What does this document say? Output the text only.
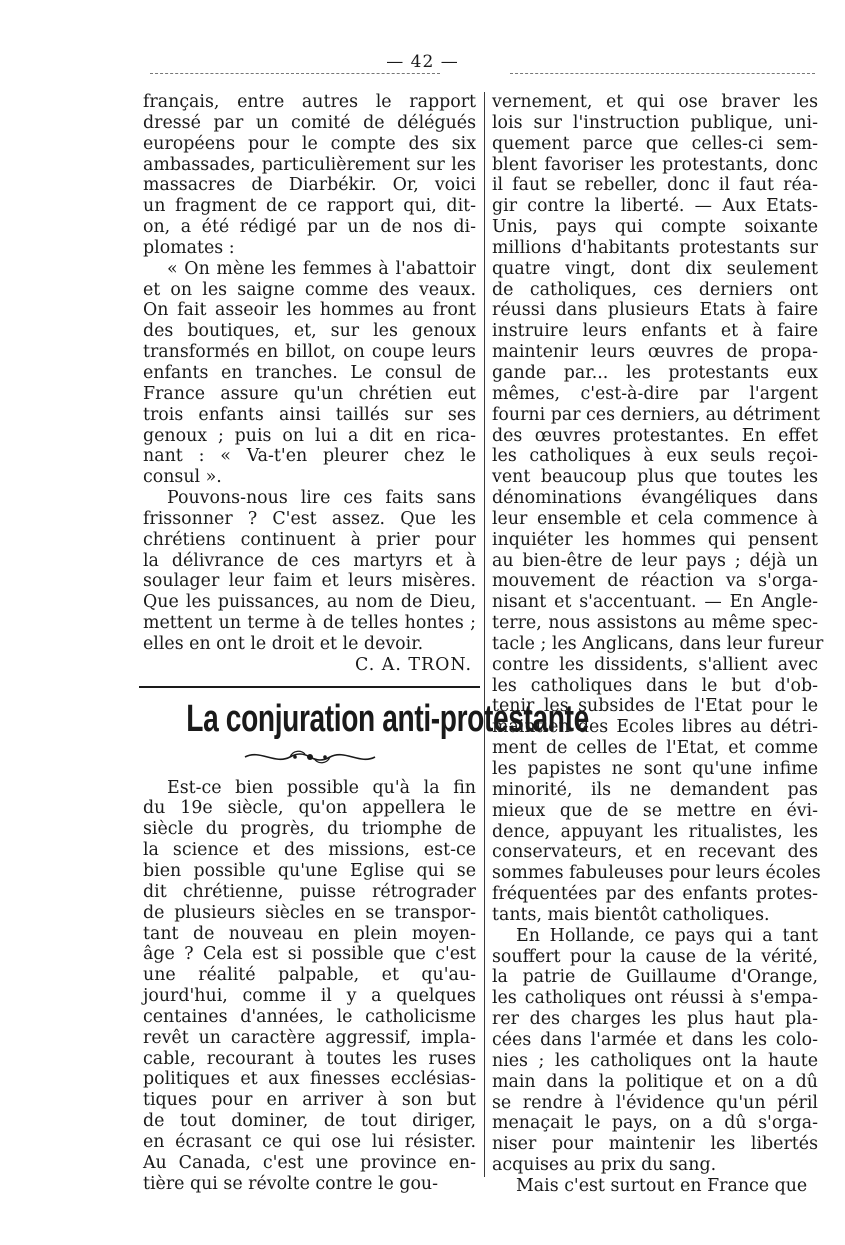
— 42 —
français, entre autres le rapport
dressé par un comité de délégués
européens pour le compte des six
ambassades, particulièrement sur les
massacres de Diarbékir. Or, voici
un fragment de ce rapport qui, dit-
on, a été rédigé par un de nos di-
plomates :
« On mène les femmes à l'abattoir
et on les saigne comme des veaux.
On fait asseoir les hommes au front
des boutiques, et, sur les genoux
transformés en billot, on coupe leurs
enfants en tranches. Le consul de
France assure qu'un chrétien eut
trois enfants ainsi taillés sur ses
genoux ; puis on lui a dit en rica-
nant : « Va-t'en pleurer chez le
consul ».
Pouvons-nous lire ces faits sans
frissonner ? C'est assez. Que les
chrétiens continuent à prier pour
la délivrance de ces martyrs et à
soulager leur faim et leurs misères.
Que les puissances, au nom de Dieu,
mettent un terme à de telles hontes ;
elles en ont le droit et le devoir.
C. A. TRON.
La conjuration anti-protestante
Est-ce bien possible qu'à la fin
du 19e siècle, qu'on appellera le
siècle du progrès, du triomphe de
la science et des missions, est-ce
bien possible qu'une Eglise qui se
dit chrétienne, puisse rétrograder
de plusieurs siècles en se transpor-
tant de nouveau en plein moyen-
âge ? Cela est si possible que c'est
une réalité palpable, et qu'au-
jourd'hui, comme il y a quelques
centaines d'années, le catholicisme
revêt un caractère aggressif, impla-
cable, recourant à toutes les ruses
politiques et aux finesses ecclésias-
tiques pour en arriver à son but
de tout dominer, de tout diriger,
en écrasant ce qui ose lui résister.
Au Canada, c'est une province en-
tière qui se révolte contre le gou-
vernement, et qui ose braver les
lois sur l'instruction publique, uni-
quement parce que celles-ci sem-
blent favoriser les protestants, donc
il faut se rebeller, donc il faut réa-
gir contre la liberté. — Aux Etats-
Unis, pays qui compte soixante
millions d'habitants protestants sur
quatre vingt, dont dix seulement
de catholiques, ces derniers ont
réussi dans plusieurs Etats à faire
instruire leurs enfants et à faire
maintenir leurs œuvres de propa-
gande par... les protestants eux
mêmes, c'est-à-dire par l'argent
fourni par ces derniers, au détriment
des œuvres protestantes. En effet
les catholiques à eux seuls reçoi-
vent beaucoup plus que toutes les
dénominations évangéliques dans
leur ensemble et cela commence à
inquiéter les hommes qui pensent
au bien-être de leur pays ; déjà un
mouvement de réaction va s'orga-
nisant et s'accentuant. — En Angle-
terre, nous assistons au même spec-
tacle ; les Anglicans, dans leur fureur
contre les dissidents, s'allient avec
les catholiques dans le but d'ob-
tenir les subsides de l'Etat pour le
maintien des Ecoles libres au détri-
ment de celles de l'Etat, et comme
les papistes ne sont qu'une infime
minorité, ils ne demandent pas
mieux que de se mettre en évi-
dence, appuyant les ritualistes, les
conservateurs, et en recevant des
sommes fabuleuses pour leurs écoles
fréquentées par des enfants protes-
tants, mais bientôt catholiques.
En Hollande, ce pays qui a tant
souffert pour la cause de la vérité,
la patrie de Guillaume d'Orange,
les catholiques ont réussi à s'empa-
rer des charges les plus haut pla-
cées dans l'armée et dans les colo-
nies ; les catholiques ont la haute
main dans la politique et on a dû
se rendre à l'évidence qu'un péril
menaçait le pays, on a dû s'orga-
niser pour maintenir les libertés
acquises au prix du sang.
Mais c'est surtout en France que
